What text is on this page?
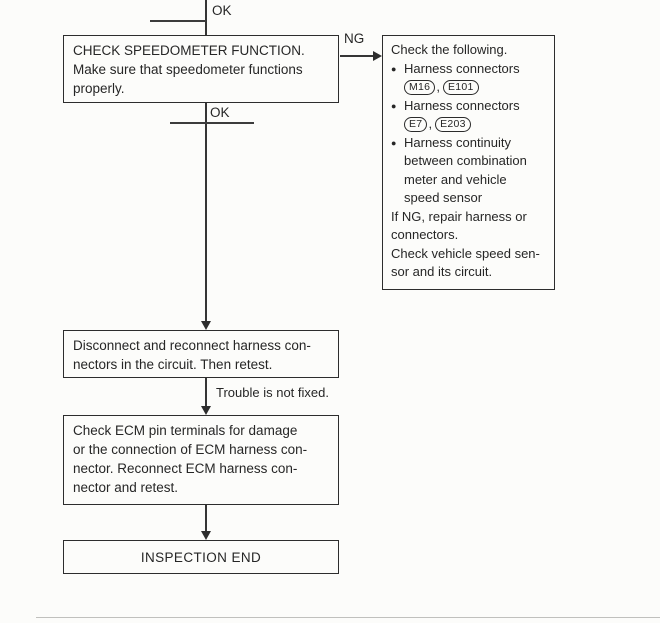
OK
CHECK SPEEDOMETER FUNCTION.
Make sure that speedometer functions
properly.
NG
Check the following.
● Harness connectors
M16 , E101
● Harness connectors
E7 , E203
● Harness continuity
between combination
meter and vehicle
speed sensor
If NG, repair harness or
connectors.
Check vehicle speed sen-
sor and its circuit.
OK
Disconnect and reconnect harness con-
nectors in the circuit. Then retest.
Trouble is not fixed.
Check ECM pin terminals for damage
or the connection of ECM harness con-
nector. Reconnect ECM harness con-
nector and retest.
INSPECTION END
